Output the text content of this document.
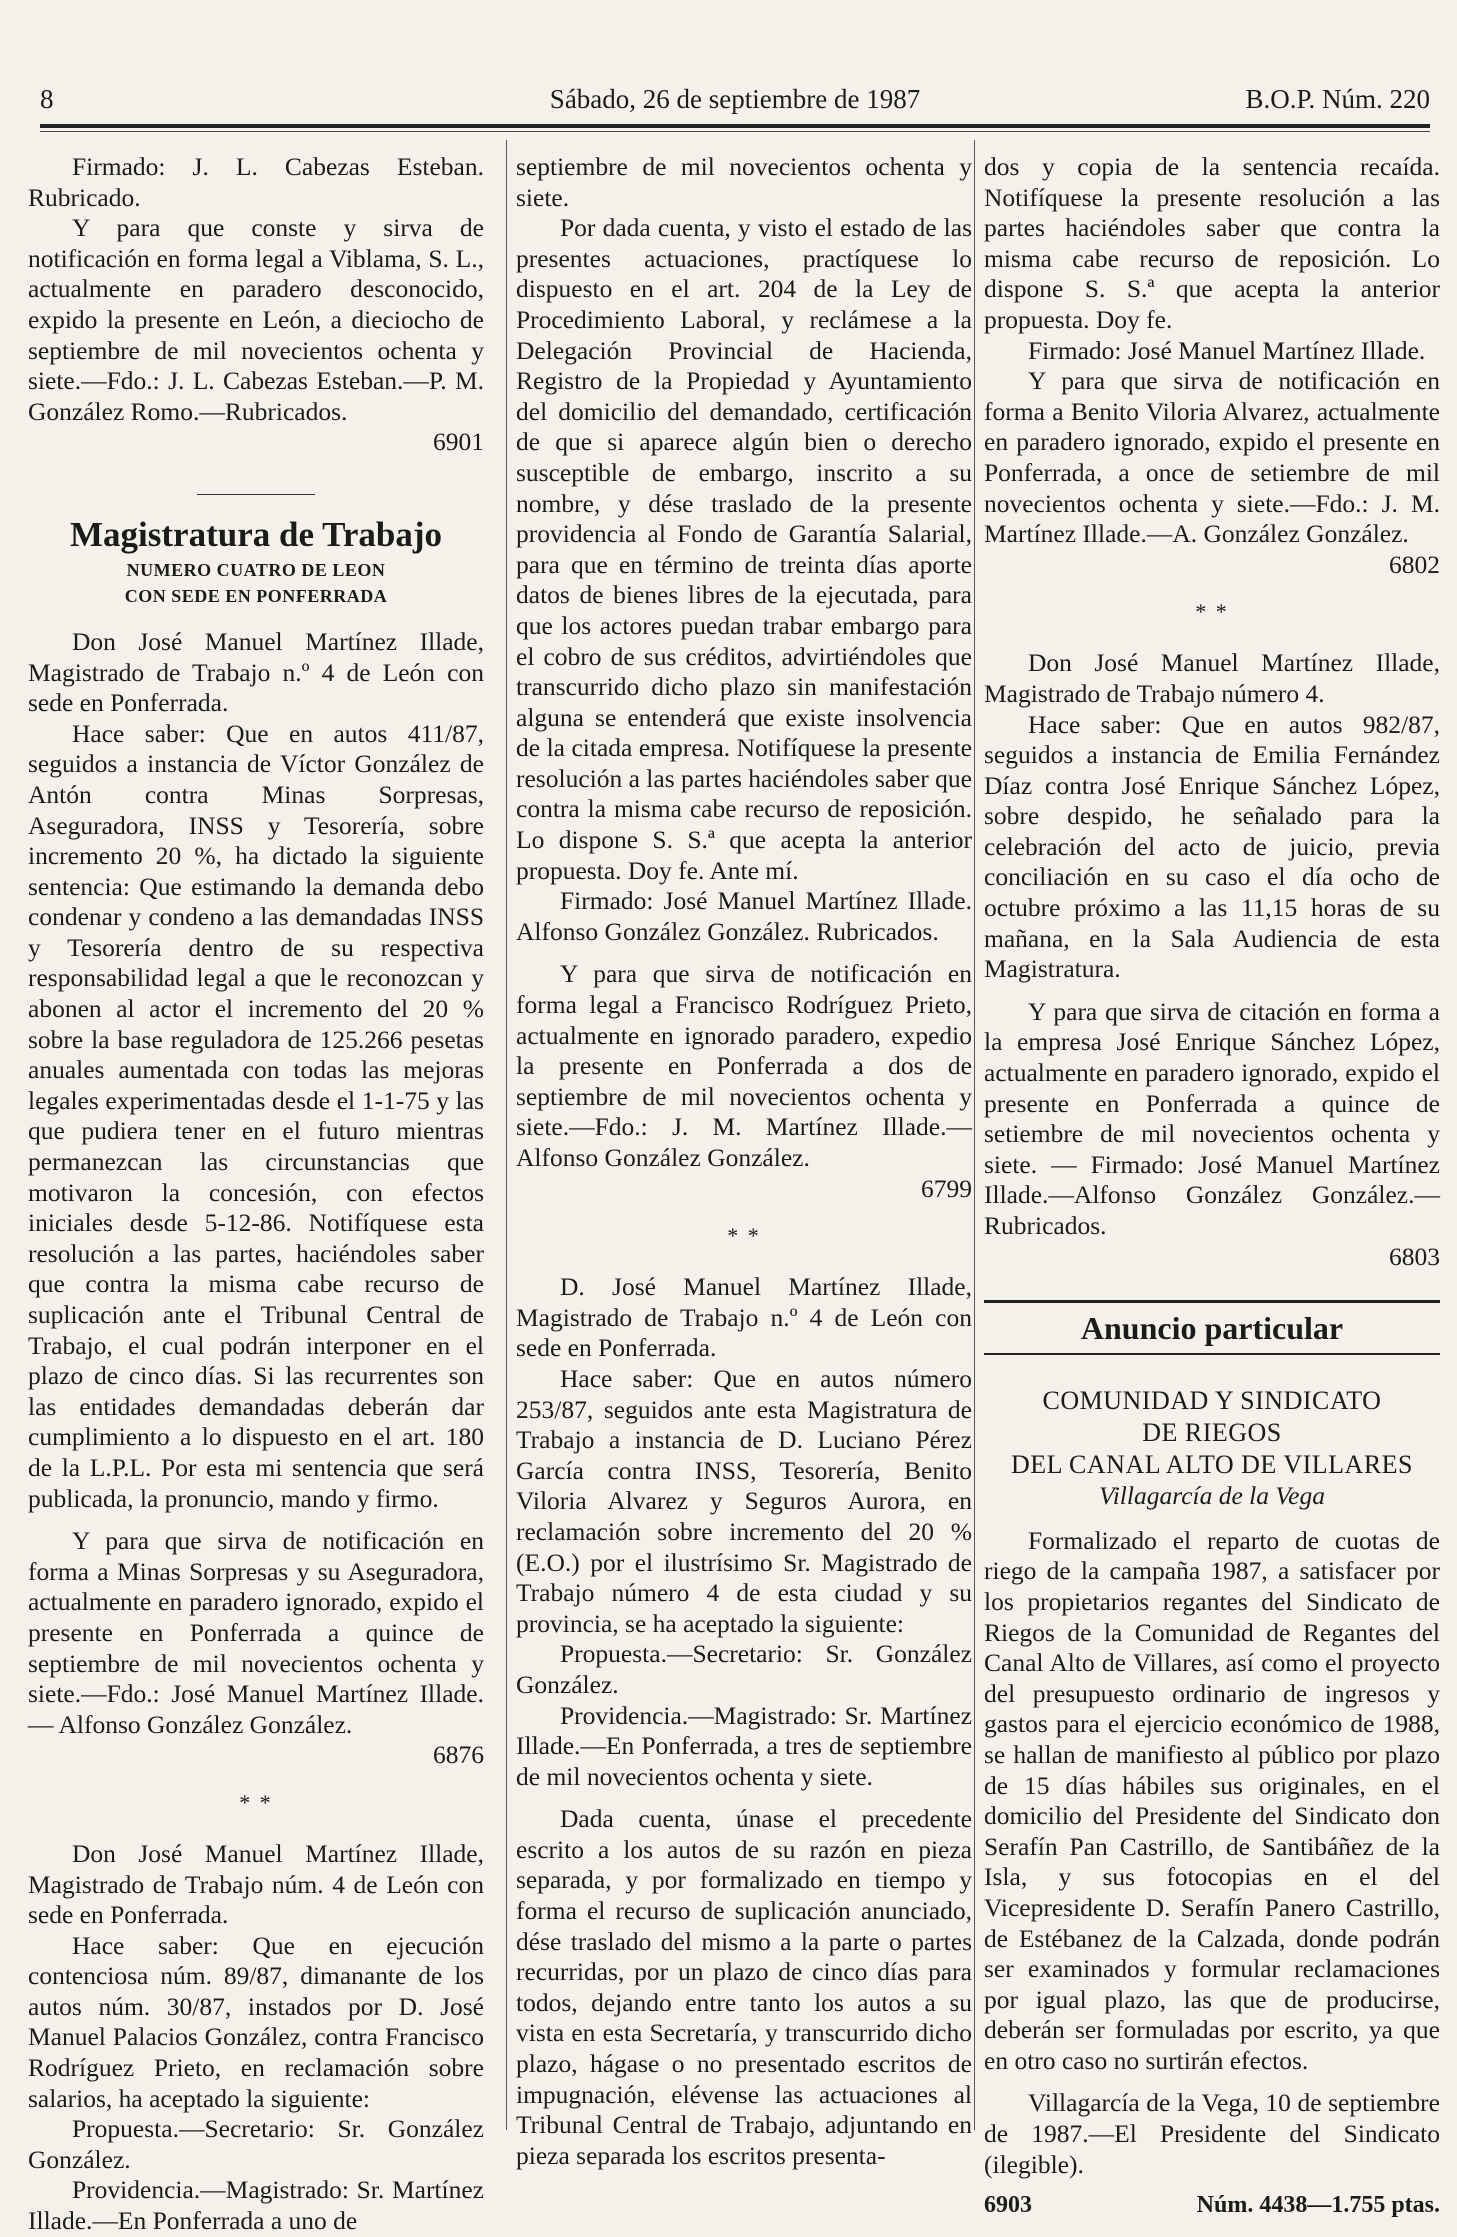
8	Sábado, 26 de septiembre de 1987	B.O.P. Núm. 220

Firmado: J. L. Cabezas Esteban. Rubricado.

Y para que conste y sirva de notificación en forma legal a Viblama, S. L., actualmente en paradero desconocido, expido la presente en León, a dieciocho de septiembre de mil novecientos ochenta y siete.—Fdo.: J. L. Cabezas Esteban.—P. M. González Romo.—Rubricados.

6901
Magistratura de Trabajo
NUMERO CUATRO DE LEON
CON SEDE EN PONFERRADA

Don José Manuel Martínez Illade, Magistrado de Trabajo n.º 4 de León con sede en Ponferrada.

Hace saber: Que en autos 411/87, seguidos a instancia de Víctor González de Antón contra Minas Sorpresas, Aseguradora, INSS y Tesorería, sobre incremento 20 %, ha dictado la siguiente sentencia: Que estimando la demanda debo condenar y condeno a las demandadas INSS y Tesorería dentro de su respectiva responsabilidad legal a que le reconozcan y abonen al actor el incremento del 20 % sobre la base reguladora de 125.266 pesetas anuales aumentada con todas las mejoras legales experimentadas desde el 1-1-75 y las que pudiera tener en el futuro mientras permanezcan las circunstancias que motivaron la concesión, con efectos iniciales desde 5-12-86. Notifíquese esta resolución a las partes, haciéndoles saber que contra la misma cabe recurso de suplicación ante el Tribunal Central de Trabajo, el cual podrán interponer en el plazo de cinco días. Si las recurrentes son las entidades demandadas deberán dar cumplimiento a lo dispuesto en el art. 180 de la L.P.L. Por esta mi sentencia que será publicada, la pronuncio, mando y firmo.

Y para que sirva de notificación en forma a Minas Sorpresas y su Aseguradora, actualmente en paradero ignorado, expido el presente en Ponferrada a quince de septiembre de mil novecientos ochenta y siete.—Fdo.: José Manuel Martínez Illade. — Alfonso González González.

6876
* *

Don José Manuel Martínez Illade, Magistrado de Trabajo núm. 4 de León con sede en Ponferrada.

Hace saber: Que en ejecución contenciosa núm. 89/87, dimanante de los autos núm. 30/87, instados por D. José Manuel Palacios González, contra Francisco Rodríguez Prieto, en reclamación sobre salarios, ha aceptado la siguiente:

Propuesta.—Secretario: Sr. González González.

Providencia.—Magistrado: Sr. Martínez Illade.—En Ponferrada a uno de

septiembre de mil novecientos ochenta y siete.

Por dada cuenta, y visto el estado de las presentes actuaciones, practíquese lo dispuesto en el art. 204 de la Ley de Procedimiento Laboral, y reclámese a la Delegación Provincial de Hacienda, Registro de la Propiedad y Ayuntamiento del domicilio del demandado, certificación de que si aparece algún bien o derecho susceptible de embargo, inscrito a su nombre, y dése traslado de la presente providencia al Fondo de Garantía Salarial, para que en término de treinta días aporte datos de bienes libres de la ejecutada, para que los actores puedan trabar embargo para el cobro de sus créditos, advirtiéndoles que transcurrido dicho plazo sin manifestación alguna se entenderá que existe insolvencia de la citada empresa. Notifíquese la presente resolución a las partes haciéndoles saber que contra la misma cabe recurso de reposición. Lo dispone S. S.ª que acepta la anterior propuesta. Doy fe. Ante mí.

Firmado: José Manuel Martínez Illade. Alfonso González González. Rubricados.

Y para que sirva de notificación en forma legal a Francisco Rodríguez Prieto, actualmente en ignorado paradero, expedio la presente en Ponferrada a dos de septiembre de mil novecientos ochenta y siete.—Fdo.: J. M. Martínez Illade.—Alfonso González González.

6799
* *

D. José Manuel Martínez Illade, Magistrado de Trabajo n.º 4 de León con sede en Ponferrada.

Hace saber: Que en autos número 253/87, seguidos ante esta Magistratura de Trabajo a instancia de D. Luciano Pérez García contra INSS, Tesorería, Benito Viloria Alvarez y Seguros Aurora, en reclamación sobre incremento del 20 % (E.O.) por el ilustrísimo Sr. Magistrado de Trabajo número 4 de esta ciudad y su provincia, se ha aceptado la siguiente:

Propuesta.—Secretario: Sr. González González.

Providencia.—Magistrado: Sr. Martínez Illade.—En Ponferrada, a tres de septiembre de mil novecientos ochenta y siete.

Dada cuenta, únase el precedente escrito a los autos de su razón en pieza separada, y por formalizado en tiempo y forma el recurso de suplicación anunciado, dése traslado del mismo a la parte o partes recurridas, por un plazo de cinco días para todos, dejando entre tanto los autos a su vista en esta Secretaría, y transcurrido dicho plazo, hágase o no presentado escritos de impugnación, elévense las actuaciones al Tribunal Central de Trabajo, adjuntando en pieza separada los escritos presenta-

dos y copia de la sentencia recaída. Notifíquese la presente resolución a las partes haciéndoles saber que contra la misma cabe recurso de reposición. Lo dispone S. S.ª que acepta la anterior propuesta. Doy fe.

Firmado: José Manuel Martínez Illade.

Y para que sirva de notificación en forma a Benito Viloria Alvarez, actualmente en paradero ignorado, expido el presente en Ponferrada, a once de setiembre de mil novecientos ochenta y siete.—Fdo.: J. M. Martínez Illade.—A. González González.

6802
* *

Don José Manuel Martínez Illade, Magistrado de Trabajo número 4.

Hace saber: Que en autos 982/87, seguidos a instancia de Emilia Fernández Díaz contra José Enrique Sánchez López, sobre despido, he señalado para la celebración del acto de juicio, previa conciliación en su caso el día ocho de octubre próximo a las 11,15 horas de su mañana, en la Sala Audiencia de esta Magistratura.

Y para que sirva de citación en forma a la empresa José Enrique Sánchez López, actualmente en paradero ignorado, expido el presente en Ponferrada a quince de setiembre de mil novecientos ochenta y siete. — Firmado: José Manuel Martínez Illade.—Alfonso González González.—Rubricados.

6803
Anuncio particular
COMUNIDAD Y SINDICATO
DE RIEGOS
DEL CANAL ALTO DE VILLARES
Villagarcía de la Vega

Formalizado el reparto de cuotas de riego de la campaña 1987, a satisfacer por los propietarios regantes del Sindicato de Riegos de la Comunidad de Regantes del Canal Alto de Villares, así como el proyecto del presupuesto ordinario de ingresos y gastos para el ejercicio económico de 1988, se hallan de manifiesto al público por plazo de 15 días hábiles sus originales, en el domicilio del Presidente del Sindicato don Serafín Pan Castrillo, de Santibáñez de la Isla, y sus fotocopias en el del Vicepresidente D. Serafín Panero Castrillo, de Estébanez de la Calzada, donde podrán ser examinados y formular reclamaciones por igual plazo, las que de producirse, deberán ser formuladas por escrito, ya que en otro caso no surtirán efectos.

Villagarcía de la Vega, 10 de septiembre de 1987.—El Presidente del Sindicato (ilegible).

6903	Núm. 4438—1.755 ptas.
